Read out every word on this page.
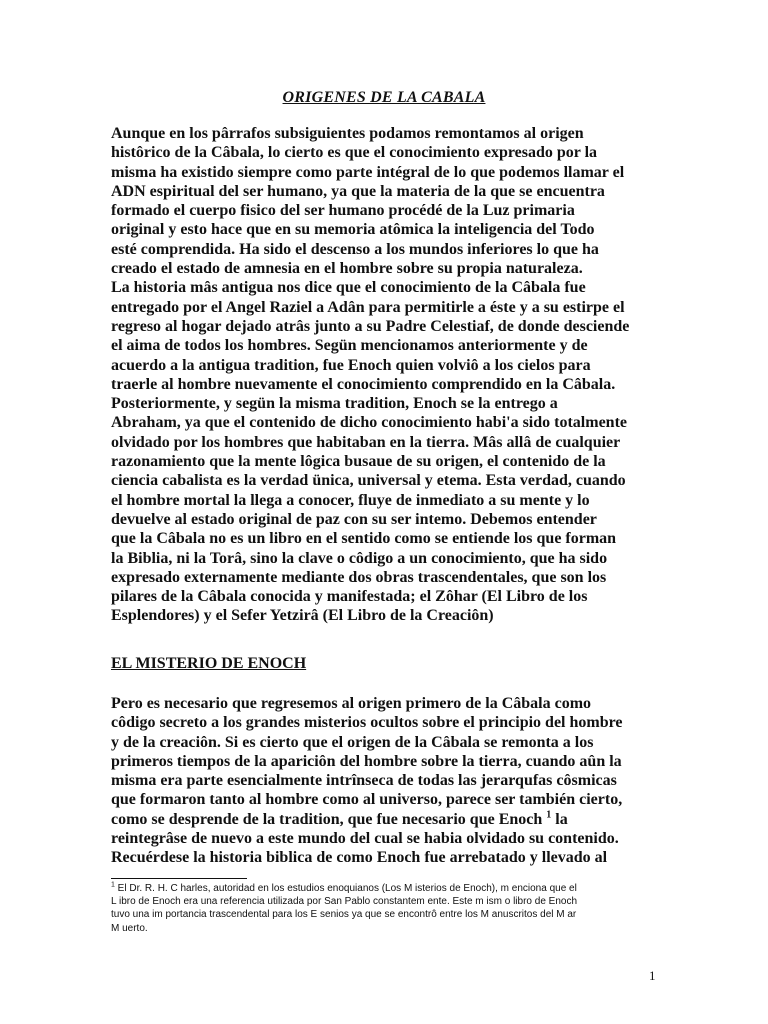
ORIGENES DE LA CABALA

Aunque en los pârrafos subsiguientes podamos remontamos al origen
histôrico de la Câbala, lo cierto es que el conocimiento expresado por la
misma ha existido siempre como parte intégral de lo que podemos llamar el
ADN espiritual del ser humano, ya que la materia de la que se encuentra
formado el cuerpo fisico del ser humano procédé de la Luz primaria
original y esto hace que en su memoria atômica la inteligencia del Todo
esté comprendida. Ha sido el descenso a los mundos inferiores lo que ha
creado el estado de amnesia en el hombre sobre su propia naturaleza.
La historia mâs antigua nos dice que el conocimiento de la Câbala fue
entregado por el Angel Raziel a Adân para permitirle a éste y a su estirpe el
regreso al hogar dejado atrâs junto a su Padre Celestiaf, de donde desciende
el aima de todos los hombres. Segün mencionamos anteriormente y de
acuerdo a la antigua tradition, fue Enoch quien volviô a los cielos para
traerle al hombre nuevamente el conocimiento comprendido en la Câbala.
Posteriormente, y segün la misma tradition, Enoch se la entrego a
Abraham, ya que el contenido de dicho conocimiento habi'a sido totalmente
olvidado por los hombres que habitaban en la tierra. Mâs allâ de cualquier
razonamiento que la mente lôgica busaue de su origen, el contenido de la
ciencia cabalista es la verdad ünica, universal y etema. Esta verdad, cuando
el hombre mortal la llega a conocer, fluye de inmediato a su mente y lo
devuelve al estado original de paz con su ser intemo. Debemos entender
que la Câbala no es un libro en el sentido como se entiende los que forman
la Biblia, ni la Torâ, sino la clave o côdigo a un conocimiento, que ha sido
expresado externamente mediante dos obras trascendentales, que son los
pilares de la Câbala conocida y manifestada; el Zôhar (El Libro de los
Esplendores) y el Sefer Yetzirâ (El Libro de la Creaciôn)

EL MISTERIO DE ENOCH

Pero es necesario que regresemos al origen primero de la Câbala como
côdigo secreto a los grandes misterios ocultos sobre el principio del hombre
y de la creaciôn. Si es cierto que el origen de la Câbala se remonta a los
primeros tiempos de la apariciôn del hombre sobre la tierra, cuando aûn la
misma era parte esencialmente intrînseca de todas las jerarqufas côsmicas
que formaron tanto al hombre como al universo, parece ser también cierto,
como se desprende de la tradition, que fue necesario que Enoch $^1$ la
reintegrâse de nuevo a este mundo del cual se habia olvidado su contenido.
Recuérdese la historia biblica de como Enoch fue arrebatado y llevado al

$^1$ El Dr. R. H. C harles, autoridad en los estudios enoquianos (Los M isterios de Enoch), m enciona que el
L ibro de Enoch era una referencia utilizada por San Pablo constantem ente. Este m ism o libro de Enoch
tuvo una im portancia trascendental para los E senios ya que se encontrô entre los M anuscritos del M ar
M uerto.
1
